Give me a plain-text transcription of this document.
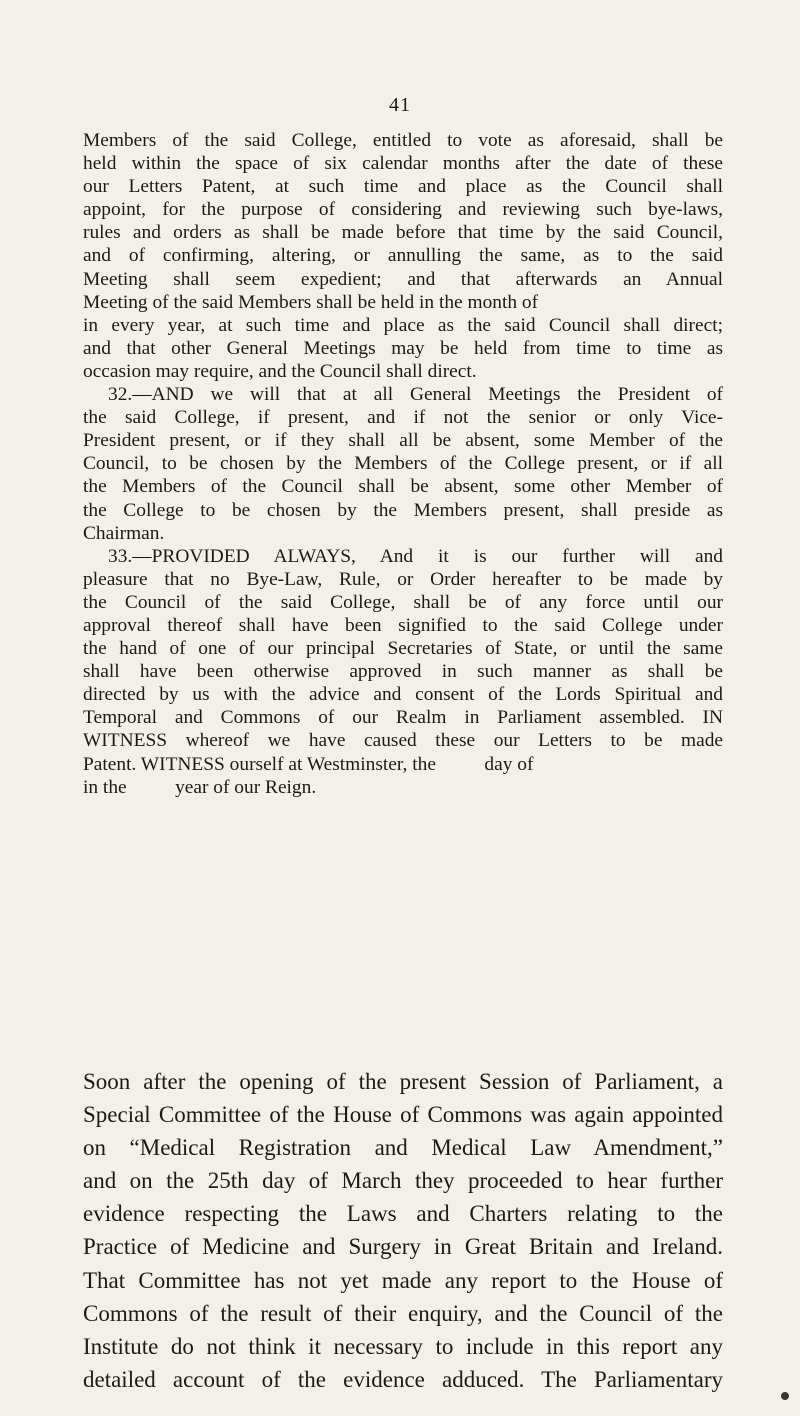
41
Members of the said College, entitled to vote as aforesaid, shall be
held within the space of six calendar months after the date of these
our Letters Patent, at such time and place as the Council shall
appoint, for the purpose of considering and reviewing such bye-laws,
rules and orders as shall be made before that time by the said Council,
and of confirming, altering, or annulling the same, as to the said
Meeting shall seem expedient; and that afterwards an Annual
Meeting of the said Members shall be held in the month of
in every year, at such time and place as the said Council shall direct;
and that other General Meetings may be held from time to time as
occasion may require, and the Council shall direct.
32.—AND we will that at all General Meetings the President of
the said College, if present, and if not the senior or only Vice-
President present, or if they shall all be absent, some Member of the
Council, to be chosen by the Members of the College present, or if all
the Members of the Council shall be absent, some other Member of
the College to be chosen by the Members present, shall preside as
Chairman.
33.—PROVIDED ALWAYS, And it is our further will and
pleasure that no Bye-Law, Rule, or Order hereafter to be made by
the Council of the said College, shall be of any force until our
approval thereof shall have been signified to the said College under
the hand of one of our principal Secretaries of State, or until the same
shall have been otherwise approved in such manner as shall be
directed by us with the advice and consent of the Lords Spiritual and
Temporal and Commons of our Realm in Parliament assembled. IN
WITNESS whereof we have caused these our Letters to be made
Patent. WITNESS ourself at Westminster, the          day of
in the          year of our Reign.
Soon after the opening of the present Session of Parliament, a
Special Committee of the House of Commons was again appointed
on “Medical Registration and Medical Law Amendment,”
and on the 25th day of March they proceeded to hear further
evidence respecting the Laws and Charters relating to the
Practice of Medicine and Surgery in Great Britain and Ireland.
That Committee has not yet made any report to the House of
Commons of the result of their enquiry, and the Council of the
Institute do not think it necessary to include in this report any
detailed account of the evidence adduced. The Parliamentary
